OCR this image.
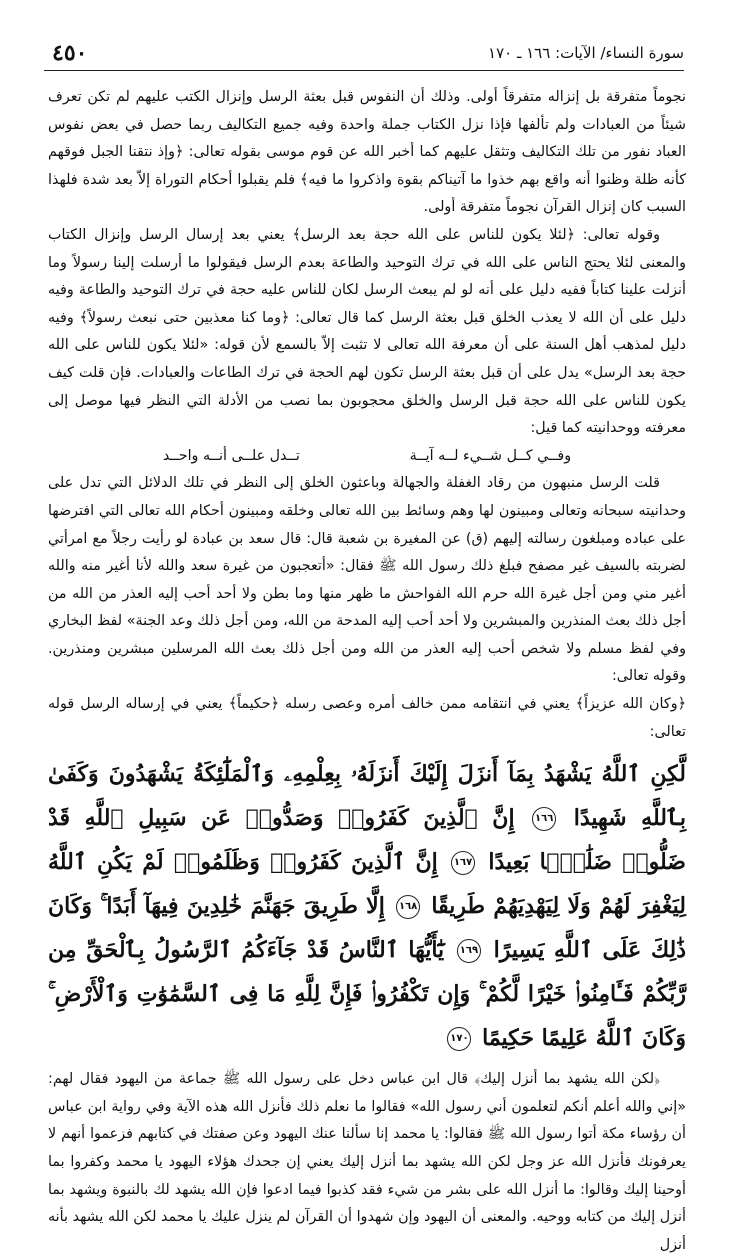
٤٥٠	سورة النساء/ الآيات: ١٦٦ ـ ١٧٠

نجوماً متفرقة بل إنزاله متفرقاً أولى. وذلك أن النفوس قبل بعثة الرسل وإنزال الكتب عليهم لم تكن تعرف شيئاً من العبادات ولم تألفها فإذا نزل الكتاب جملة واحدة وفيه جميع التكاليف ربما حصل في بعض نفوس العباد نفور من تلك التكاليف وتثقل عليهم كما أخبر الله عن قوم موسى بقوله تعالى: ﴿وإذ نتقنا الجبل فوقهم كأنه ظلة وظنوا أنه واقع بهم خذوا ما آتيناكم بقوة واذكروا ما فيه﴾ فلم يقبلوا أحكام التوراة إلاّ بعد شدة فلهذا السبب كان إنزال القرآن نجوماً متفرقة أولى.

وقوله تعالى: ﴿لئلا يكون للناس على الله حجة بعد الرسل﴾ يعني بعد إرسال الرسل وإنزال الكتاب والمعنى لئلا يحتج الناس على الله في ترك التوحيد والطاعة بعدم الرسل فيقولوا ما أرسلت إلينا رسولاً وما أنزلت علينا كتاباً ففيه دليل على أنه لو لم يبعث الرسل لكان للناس عليه حجة في ترك التوحيد والطاعة وفيه دليل على أن الله لا يعذب الخلق قبل بعثة الرسل كما قال تعالى: ﴿وما كنا معذبين حتى نبعث رسولاً﴾ وفيه دليل لمذهب أهل السنة على أن معرفة الله تعالى لا تثبت إلاّ بالسمع لأن قوله: «لئلا يكون للناس على الله حجة بعد الرسل» يدل على أن قبل بعثة الرسل تكون لهم الحجة في ترك الطاعات والعبادات. فإن قلت كيف يكون للناس على الله حجة قبل الرسل والخلق محجوبون بما نصب من الأدلة التي النظر فيها موصل إلى معرفته ووحدانيته كما قيل:

وفــي كــل شــيء لــه آيــة
تــدل علــى أنــه واحــد

قلت الرسل منبهون من رقاد الغفلة والجهالة وباعثون الخلق إلى النظر في تلك الدلائل التي تدل على وحدانيته سبحانه وتعالى ومبينون لها وهم وسائط بين الله تعالى وخلقه ومبينون أحكام الله تعالى التي افترضها على عباده ومبلغون رسالته إليهم (ق) عن المغيرة بن شعبة قال: قال سعد بن عبادة لو رأيت رجلاً مع امرأتي لضربته بالسيف غير مصفح فبلغ ذلك رسول الله ﷺ فقال: «أتعجبون من غيرة سعد والله لأنا أغير منه والله أغير مني ومن أجل غيرة الله حرم الله الفواحش ما ظهر منها وما بطن ولا أحد أحب إليه العذر من الله من أجل ذلك بعث المنذرين والمبشرين ولا أحد أحب إليه المدحة من الله، ومن أجل ذلك وعد الجنة» لفظ البخاري وفي لفظ مسلم ولا شخص أحب إليه العذر من الله ومن أجل ذلك بعث الله المرسلين مبشرين ومنذرين. وقوله تعالى:

﴿وكان الله عزيزاً﴾ يعني في انتقامه ممن خالف أمره وعصى رسله ﴿حكيماً﴾ يعني في إرساله الرسل قوله تعالى:

لَّكِنِ ٱللَّهُ يَشْهَدُ بِمَآ أَنزَلَ إِلَيْكَ أَنزَلَهُۥ بِعِلْمِهِۦ وَٱلْمَلَٰٓئِكَةُ يَشْهَدُونَ وَكَفَىٰ بِٱللَّهِ شَهِيدًا ١٦٦ إِنَّ ٱلَّذِينَ كَفَرُوا۟ وَصَدُّوا۟ عَن سَبِيلِ ٱللَّهِ قَدْ ضَلُّوا۟ ضَلَٰلًۢا بَعِيدًا ١٦٧ إِنَّ ٱلَّذِينَ كَفَرُوا۟ وَظَلَمُوا۟ لَمْ يَكُنِ ٱللَّهُ لِيَغْفِرَ لَهُمْ وَلَا لِيَهْدِيَهُمْ طَرِيقًا ١٦٨ إِلَّا طَرِيقَ جَهَنَّمَ خَٰلِدِينَ فِيهَآ أَبَدًا ۚ وَكَانَ ذَٰلِكَ عَلَى ٱللَّهِ يَسِيرًا ١٦٩ يَٰٓأَيُّهَا ٱلنَّاسُ قَدْ جَآءَكُمُ ٱلرَّسُولُ بِٱلْحَقِّ مِن رَّبِّكُمْ فَـَٔامِنُوا۟ خَيْرًا لَّكُمْ ۚ وَإِن تَكْفُرُوا۟ فَإِنَّ لِلَّهِ مَا فِى ٱلسَّمَٰوَٰتِ وَٱلْأَرْضِ ۚ وَكَانَ ٱللَّهُ عَلِيمًا حَكِيمًا ١٧٠

﴿لكن الله يشهد بما أنزل إليك﴾ قال ابن عباس دخل على رسول الله ﷺ جماعة من اليهود فقال لهم: «إني والله أعلم أنكم لتعلمون أني رسول الله» فقالوا ما نعلم ذلك فأنزل الله هذه الآية وفي رواية ابن عباس أن رؤساء مكة أتوا رسول الله ﷺ فقالوا: يا محمد إنا سألنا عنك اليهود وعن صفتك في كتابهم فزعموا أنهم لا يعرفونك فأنزل الله عز وجل لكن الله يشهد بما أنزل إليك يعني إن جحدك هؤلاء اليهود يا محمد وكفروا بما أوحينا إليك وقالوا: ما أنزل الله على بشر من شيء فقد كذبوا فيما ادعوا فإن الله يشهد لك بالنبوة ويشهد بما أنزل إليك من كتابه ووحيه. والمعنى أن اليهود وإن شهدوا أن القرآن لم ينزل عليك يا محمد لكن الله يشهد بأنه أنزل
